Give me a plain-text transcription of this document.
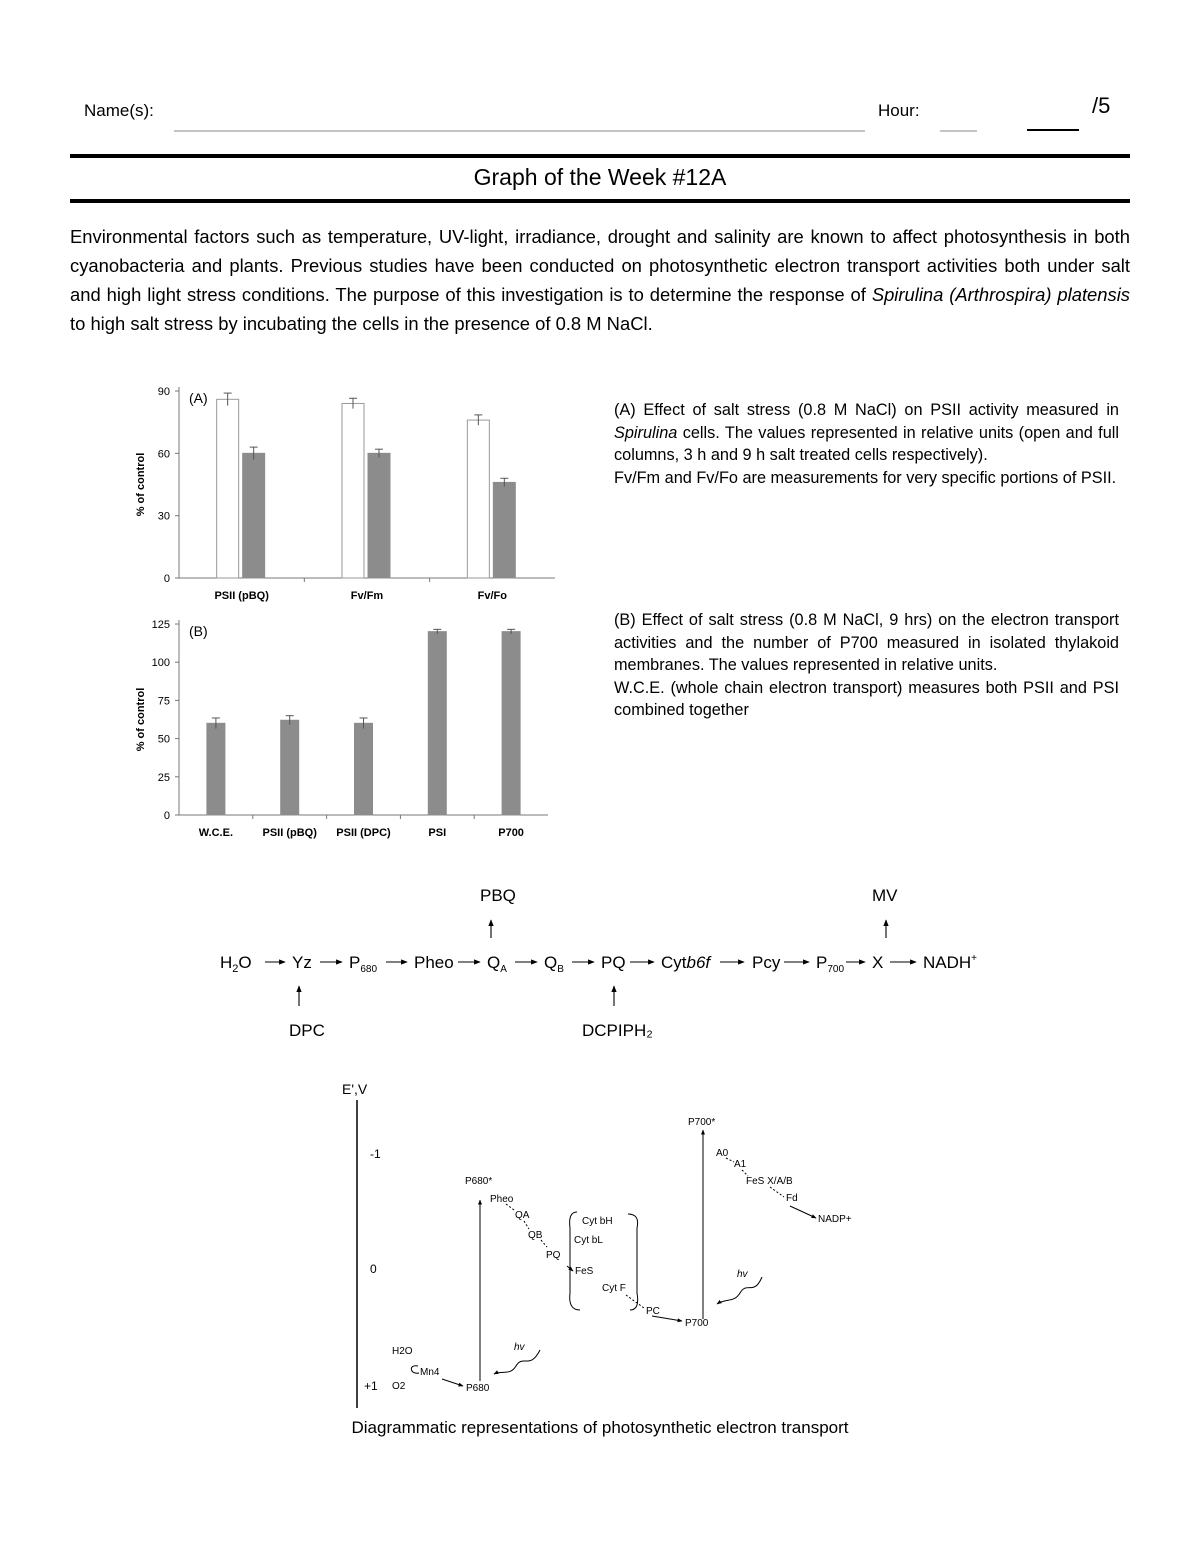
Name(s):	Hour:	/5
Graph of the Week #12A
Environmental factors such as temperature, UV-light, irradiance, drought and salinity are known to affect photosynthesis in both cyanobacteria and plants. Previous studies have been conducted on photosynthetic electron transport activities both under salt and high light stress conditions. The purpose of this investigation is to determine the response of Spirulina (Arthrospira) platensis to high salt stress by incubating the cells in the presence of 0.8 M NaCl.
0
30
60
90
% of control
(A)
PSII (pBQ)	Fv/Fm	Fv/Fo
0
25
50
75
100
125
% of control
(B)
W.C.E.	PSII (pBQ) PSII (DPC)	PSI	P700

(A) Effect of salt stress (0.8 M NaCl) on PSII activity measured in Spirulina cells. The values represented in relative units (open and full columns, 3 h and 9 h salt treated cells respectively).

Fv/Fm and Fv/Fo are measurements for very specific portions of PSII.

(B) Effect of salt stress (0.8 M NaCl, 9 hrs) on the electron transport activities and the number of P700 measured in isolated thylakoid membranes. The values represented in relative units.

W.C.E. (whole chain electron transport) measures both PSII and PSI combined together

PBQ	MV
DPC	DCPIPH₂
$H_2O$ Yz $P_{680}$ Pheo $Q_A$ $Q_B$ PQ Cytb6f Pcy $P_{700}$ X NADH+
E',V
-1
0
+1
P680*
Pheo
QA
QB
PQ
Cyt bH
Cyt bL
FeS
Cyt F
PC
P700
P700*
A0
A1
FeS X/A/B
Fd
NADP+
H2O
Mn4
O2	P680
hv
hv
Diagrammatic representations of photosynthetic electron transport
